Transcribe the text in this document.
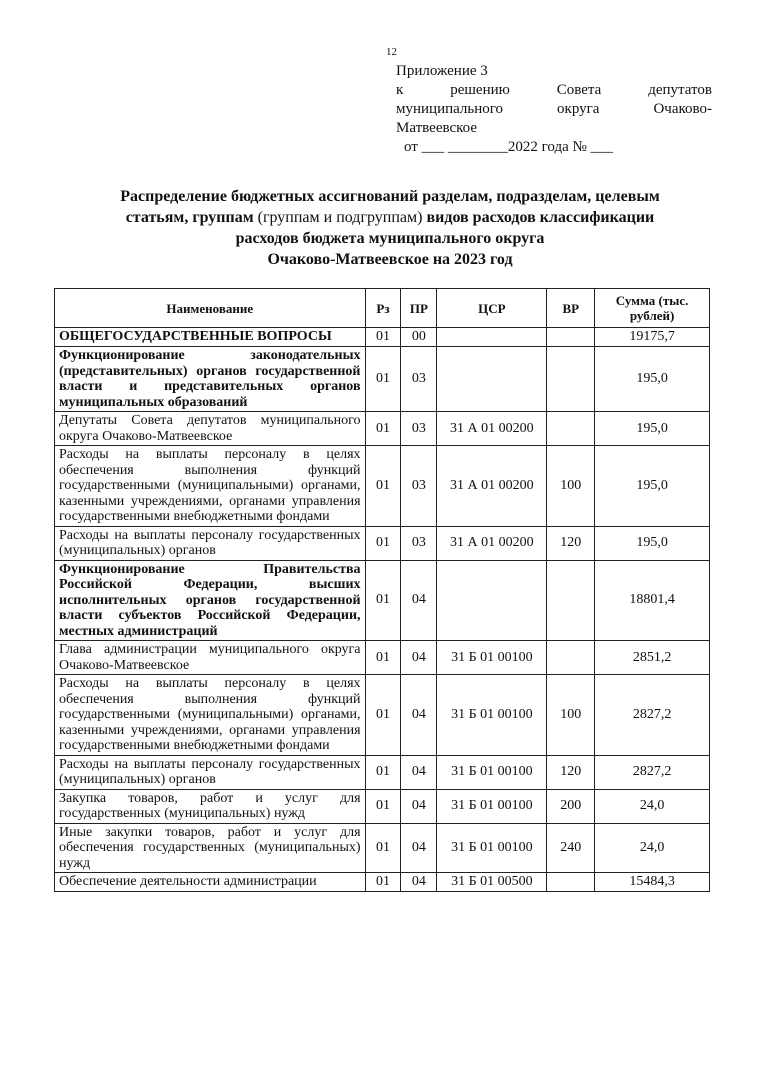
12
Приложение 3
к	решению	Совета	депутатов
муниципального	округа	Очаково-
Матвеевское
от ___ ________2022 года № ___
Распределение бюджетных ассигнований разделам, подразделам, целевым
статьям, группам (группам и подгруппам) видов расходов классификации
расходов бюджета муниципального округа
Очаково-Матвеевское на 2023 год
Наименование	Рз	ПР	ЦСР	ВР	Сумма (тыс. рублей)
ОБЩЕГОСУДАРСТВЕННЫЕ ВОПРОСЫ	01	00			19175,7
Функционирование законодательных (представительных) органов государственной власти и представительных органов муниципальных образований	01	03			195,0
Депутаты Совета депутатов муниципального округа Очаково-Матвеевское	01	03	31 А 01 00200		195,0
Расходы на выплаты персоналу в целях обеспечения выполнения функций государственными (муниципальными) органами, казенными учреждениями, органами управления государственными внебюджетными фондами	01	03	31 А 01 00200	100	195,0
Расходы на выплаты персоналу государственных (муниципальных) органов	01	03	31 А 01 00200	120	195,0
Функционирование Правительства Российской Федерации, высших исполнительных органов государственной власти субъектов Российской Федерации, местных администраций	01	04			18801,4
Глава администрации муниципального округа Очаково-Матвеевское	01	04	31 Б 01 00100		2851,2
Расходы на выплаты персоналу в целях обеспечения выполнения функций государственными (муниципальными) органами, казенными учреждениями, органами управления государственными внебюджетными фондами	01	04	31 Б 01 00100	100	2827,2
Расходы на выплаты персоналу государственных (муниципальных) органов	01	04	31 Б 01 00100	120	2827,2
Закупка товаров, работ и услуг для государственных (муниципальных) нужд	01	04	31 Б 01 00100	200	24,0
Иные закупки товаров, работ и услуг для обеспечения государственных (муниципальных) нужд	01	04	31 Б 01 00100	240	24,0
Обеспечение деятельности администрации	01	04	31 Б 01 00500		15484,3
